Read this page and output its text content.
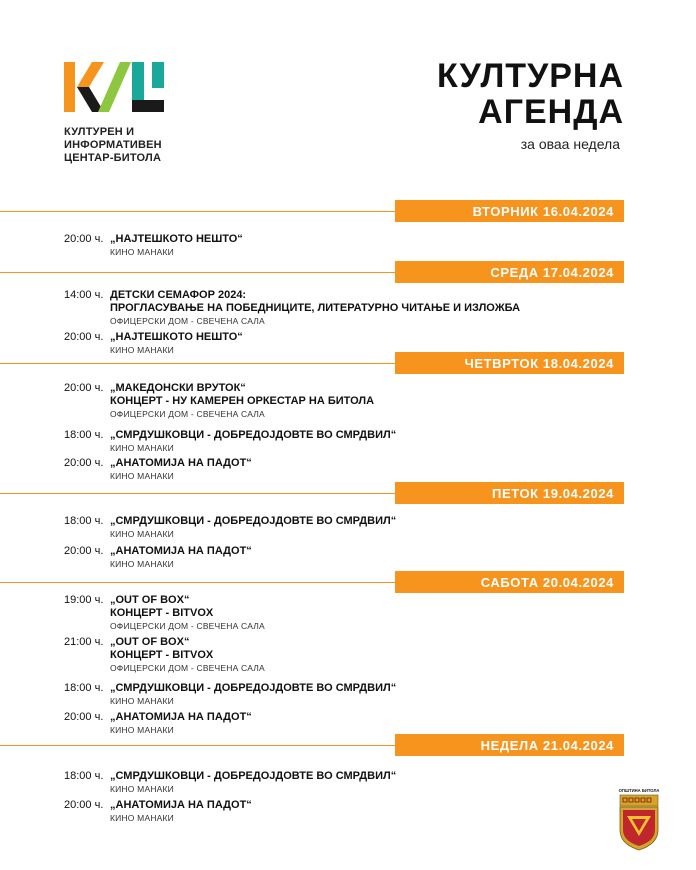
КУЛТУРЕН И
ИНФОРМАТИВЕН
ЦЕНТАР-БИТОЛА
КУЛТУРНА
АГЕНДА
за оваа недела
ВТОРНИК 16.04.2024
20:00 ч. „НАЈТЕШКОТО НЕШТО“
КИНО МАНАКИ
СРЕДА 17.04.2024
14:00 ч. ДЕТСКИ СЕМАФОР 2024:
ПРОГЛАСУВАЊЕ НА ПОБЕДНИЦИТЕ, ЛИТЕРАТУРНО ЧИТАЊЕ И ИЗЛОЖБА
ОФИЦЕРСКИ ДОМ - СВЕЧЕНА САЛА
20:00 ч. „НАЈТЕШКОТО НЕШТО“
КИНО МАНАКИ
ЧЕТВРТОК 18.04.2024
20:00 ч. „МАКЕДОНСКИ ВРУТОК“
КОНЦЕРТ - НУ КАМЕРЕН ОРКЕСТАР НА БИТОЛА
ОФИЦЕРСКИ ДОМ - СВЕЧЕНА САЛА
18:00 ч. „СМРДУШКОВЦИ - ДОБРЕДОЈДОВТЕ ВО СМРДВИЛ“
КИНО МАНАКИ
20:00 ч. „АНАТОМИЈА НА ПАДОТ“
КИНО МАНАКИ
ПЕТОК 19.04.2024
18:00 ч. „СМРДУШКОВЦИ - ДОБРЕДОЈДОВТЕ ВО СМРДВИЛ“
КИНО МАНАКИ
20:00 ч. „АНАТОМИЈА НА ПАДОТ“
КИНО МАНАКИ
САБОТА 20.04.2024
19:00 ч. „OUT OF BOX“
КОНЦЕРТ - BITVOX
ОФИЦЕРСКИ ДОМ - СВЕЧЕНА САЛА
21:00 ч. „OUT OF BOX“
КОНЦЕРТ - BITVOX
ОФИЦЕРСКИ ДОМ - СВЕЧЕНА САЛА
18:00 ч. „СМРДУШКОВЦИ - ДОБРЕДОЈДОВТЕ ВО СМРДВИЛ“
КИНО МАНАКИ
20:00 ч. „АНАТОМИЈА НА ПАДОТ“
КИНО МАНАКИ
НЕДЕЛА 21.04.2024
18:00 ч. „СМРДУШКОВЦИ - ДОБРЕДОЈДОВТЕ ВО СМРДВИЛ“
КИНО МАНАКИ
20:00 ч. „АНАТОМИЈА НА ПАДОТ“
КИНО МАНАКИ
ОПШТИНА БИТОЛА
